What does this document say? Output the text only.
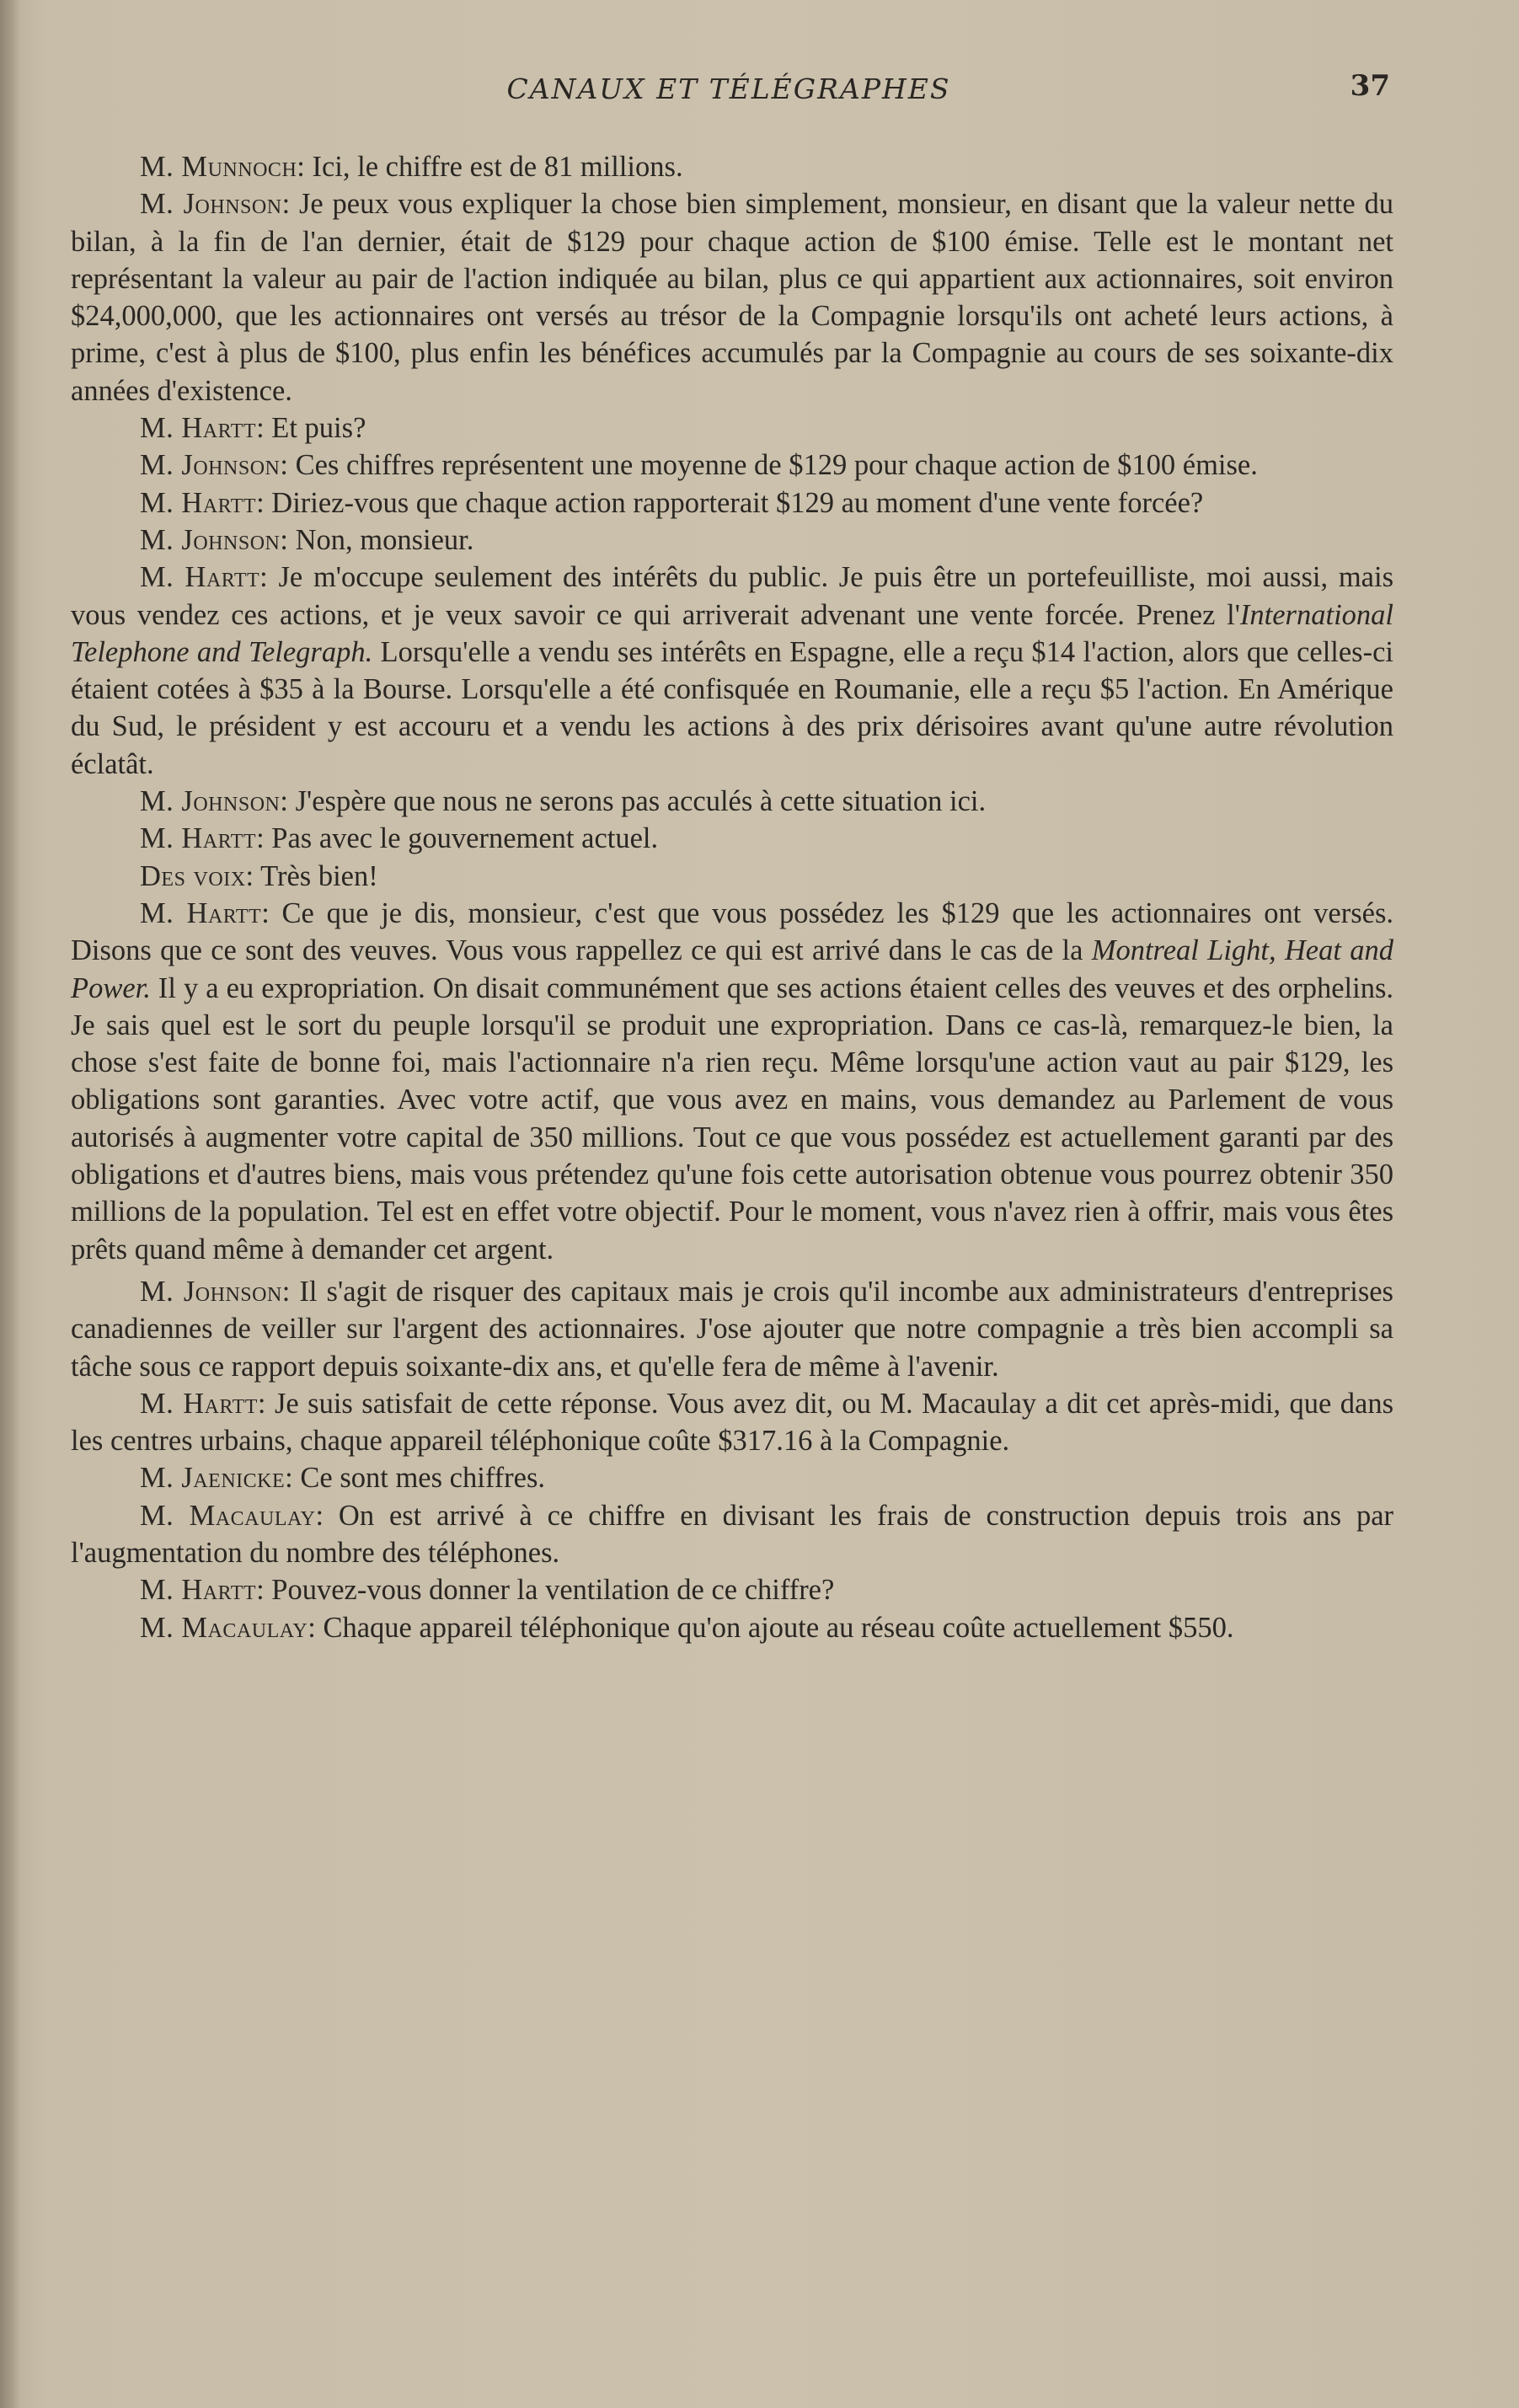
CANAUX ET TÉLÉGRAPHES	37

M. Munnoch: Ici, le chiffre est de 81 millions.

M. Johnson: Je peux vous expliquer la chose bien simplement, monsieur, en disant que la valeur nette du bilan, à la fin de l'an dernier, était de $129 pour chaque action de $100 émise. Telle est le montant net représentant la valeur au pair de l'action indiquée au bilan, plus ce qui appartient aux actionnaires, soit environ $24,000,000, que les actionnaires ont versés au trésor de la Compagnie lorsqu'ils ont acheté leurs actions, à prime, c'est à plus de $100, plus enfin les bénéfices accumulés par la Compagnie au cours de ses soixante-dix années d'existence.

M. Hartt: Et puis?

M. Johnson: Ces chiffres représentent une moyenne de $129 pour chaque action de $100 émise.

M. Hartt: Diriez-vous que chaque action rapporterait $129 au moment d'une vente forcée?

M. Johnson: Non, monsieur.

M. Hartt: Je m'occupe seulement des intérêts du public. Je puis être un portefeuilliste, moi aussi, mais vous vendez ces actions, et je veux savoir ce qui arriverait advenant une vente forcée. Prenez l'International Telephone and Telegraph. Lorsqu'elle a vendu ses intérêts en Espagne, elle a reçu $14 l'action, alors que celles-ci étaient cotées à $35 à la Bourse. Lorsqu'elle a été confisquée en Roumanie, elle a reçu $5 l'action. En Amérique du Sud, le président y est accouru et a vendu les actions à des prix dérisoires avant qu'une autre révolution éclatât.

M. Johnson: J'espère que nous ne serons pas acculés à cette situation ici.

M. Hartt: Pas avec le gouvernement actuel.

Des voix: Très bien!

M. Hartt: Ce que je dis, monsieur, c'est que vous possédez les $129 que les actionnaires ont versés. Disons que ce sont des veuves. Vous vous rappellez ce qui est arrivé dans le cas de la Montreal Light, Heat and Power. Il y a eu expropriation. On disait communément que ses actions étaient celles des veuves et des orphelins. Je sais quel est le sort du peuple lorsqu'il se produit une expropriation. Dans ce cas-là, remarquez-le bien, la chose s'est faite de bonne foi, mais l'actionnaire n'a rien reçu. Même lorsqu'une action vaut au pair $129, les obligations sont garanties. Avec votre actif, que vous avez en mains, vous demandez au Parlement de vous autorisés à augmenter votre capital de 350 millions. Tout ce que vous possédez est actuellement garanti par des obligations et d'autres biens, mais vous prétendez qu'une fois cette autorisation obtenue vous pourrez obtenir 350 millions de la population. Tel est en effet votre objectif. Pour le moment, vous n'avez rien à offrir, mais vous êtes prêts quand même à demander cet argent.

M. Johnson: Il s'agit de risquer des capitaux mais je crois qu'il incombe aux administrateurs d'entreprises canadiennes de veiller sur l'argent des actionnaires. J'ose ajouter que notre compagnie a très bien accompli sa tâche sous ce rapport depuis soixante-dix ans, et qu'elle fera de même à l'avenir.

M. Hartt: Je suis satisfait de cette réponse. Vous avez dit, ou M. Macaulay a dit cet après-midi, que dans les centres urbains, chaque appareil téléphonique coûte $317.16 à la Compagnie.

M. Jaenicke: Ce sont mes chiffres.

M. Macaulay: On est arrivé à ce chiffre en divisant les frais de construction depuis trois ans par l'augmentation du nombre des téléphones.

M. Hartt: Pouvez-vous donner la ventilation de ce chiffre?

M. Macaulay: Chaque appareil téléphonique qu'on ajoute au réseau coûte actuellement $550.
